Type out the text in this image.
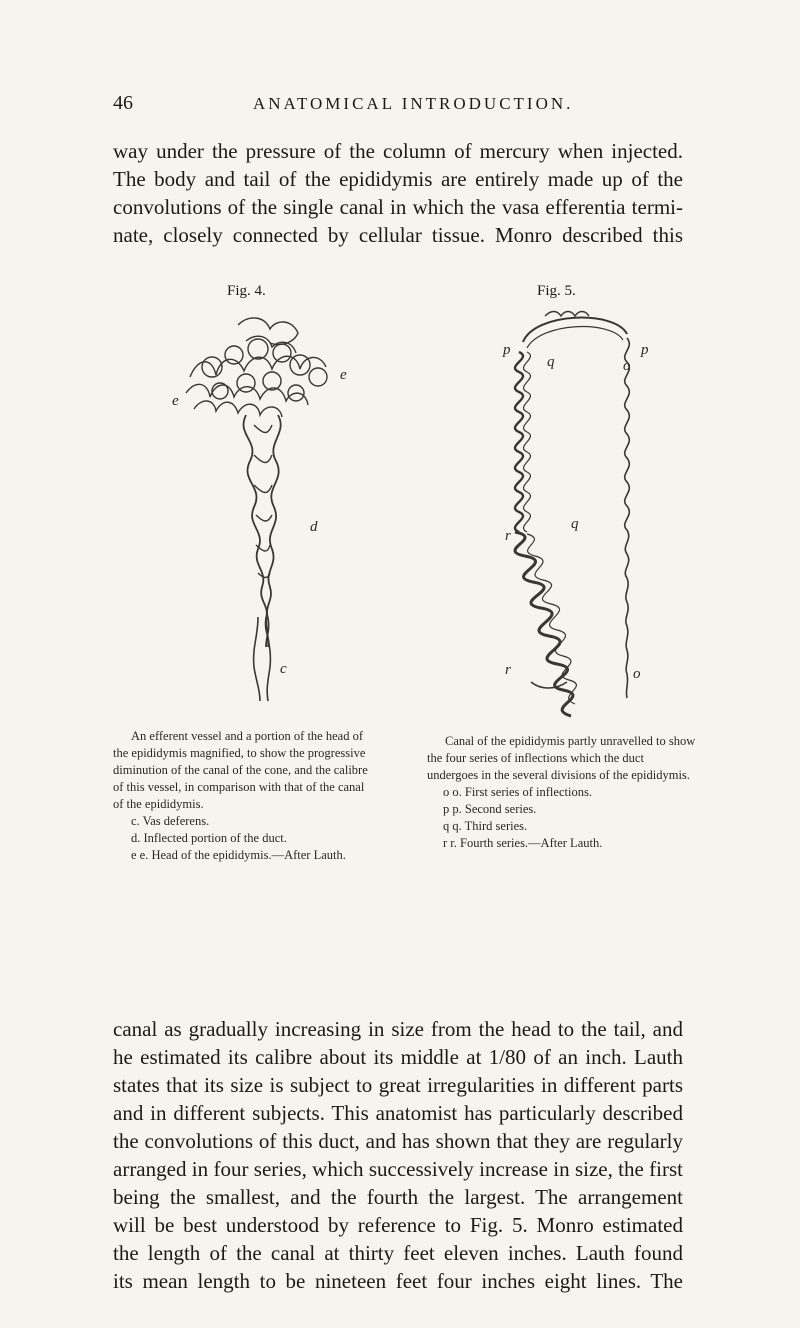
46	ANATOMICAL INTRODUCTION.
way under the pressure of the column of mercury when injected.
The body and tail of the epididymis are entirely made up of the
convolutions of the single canal in which the vasa efferentia termi-
nate, closely connected by cellular tissue. Monro described this
Fig. 4.	Fig. 5.
e
e
d
c
p	p
q	o
q
r
r	o

An efferent vessel and a portion of the head of the epididymis magnified, to show the progressive diminution of the canal of the cone, and the calibre of this vessel, in comparison with that of the canal of the epididymis.

c. Vas deferens.

d. Inflected portion of the duct.

e e. Head of the epididymis.—After Lauth.

Canal of the epididymis partly unravelled to show the four series of inflections which the duct undergoes in the several divisions of the epididymis.

o o. First series of inflections.

p p. Second series.

q q. Third series.

r r. Fourth series.—After Lauth.

canal as gradually increasing in size from the head to the tail, and
he estimated its calibre about its middle at 1/80 of an inch. Lauth
states that its size is subject to great irregularities in different parts
and in different subjects. This anatomist has particularly described
the convolutions of this duct, and has shown that they are regularly
arranged in four series, which successively increase in size, the first
being the smallest, and the fourth the largest. The arrangement
will be best understood by reference to Fig. 5. Monro estimated
the length of the canal at thirty feet eleven inches. Lauth found
its mean length to be nineteen feet four inches eight lines. The
